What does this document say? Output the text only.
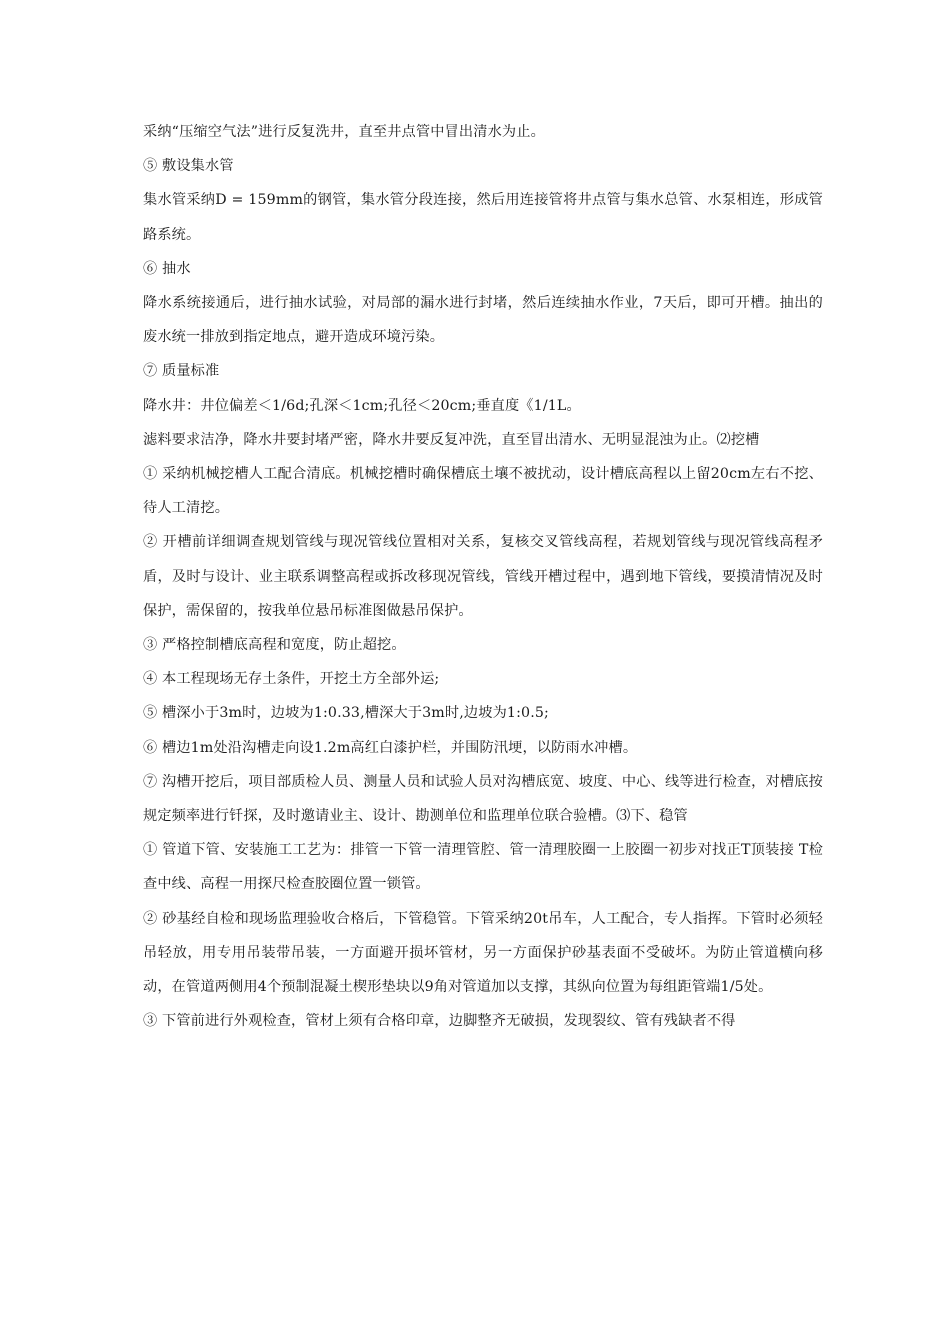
采纳“压缩空气法”进行反复洗井，直至井点管中冒出清水为止。

⑤ 敷设集水管

集水管采纳D = 159mm的钢管，集水管分段连接，然后用连接管将井点管与集水总管、水泵相连，形成管路系统。

⑥ 抽水

降水系统接通后，进行抽水试验，对局部的漏水进行封堵，然后连续抽水作业，7天后，即可开槽。抽出的废水统一排放到指定地点，避开造成环境污染。

⑦ 质量标准

降水井：井位偏差＜1/6d;孔深＜1cm;孔径＜20cm;垂直度《1/1L。

滤料要求洁净，降水井要封堵严密，降水井要反复冲洗，直至冒出清水、无明显混浊为止。⑵挖槽

① 采纳机械挖槽人工配合清底。机械挖槽时确保槽底土壤不被扰动，设计槽底高程以上留20cm左右不挖、待人工清挖。

② 开槽前详细调查规划管线与现况管线位置相对关系，复核交叉管线高程，若规划管线与现况管线高程矛盾，及时与设计、业主联系调整高程或拆改移现况管线，管线开槽过程中，遇到地下管线，要摸清情况及时保护，需保留的，按我单位悬吊标准图做悬吊保护。

③ 严格控制槽底高程和宽度，防止超挖。

④ 本工程现场无存土条件，开挖土方全部外运;

⑤ 槽深小于3m时，边坡为1:0.33,槽深大于3m时,边坡为1:0.5;

⑥ 槽边1m处沿沟槽走向设1.2m高红白漆护栏，并围防汛埂，以防雨水冲槽。

⑦ 沟槽开挖后，项目部质检人员、测量人员和试验人员对沟槽底宽、坡度、中心、线等进行检查，对槽底按规定频率进行钎探，及时邀请业主、设计、勘测单位和监理单位联合验槽。⑶下、稳管

① 管道下管、安装施工工艺为：排管一下管一清理管腔、管一清理胶圈一上胶圈一初步对找正T顶装接 T检查中线、高程一用探尺检查胶圈位置一锁管。

② 砂基经自检和现场监理验收合格后，下管稳管。下管采纳20t吊车，人工配合，专人指挥。下管时必须轻吊轻放，用专用吊装带吊装，一方面避开损坏管材，另一方面保护砂基表面不受破坏。为防止管道横向移动，在管道两侧用4个预制混凝土楔形垫块以9角对管道加以支撑，其纵向位置为每组距管端1/5处。

③ 下管前进行外观检查，管材上须有合格印章，边脚整齐无破损，发现裂纹、管有残缺者不得
